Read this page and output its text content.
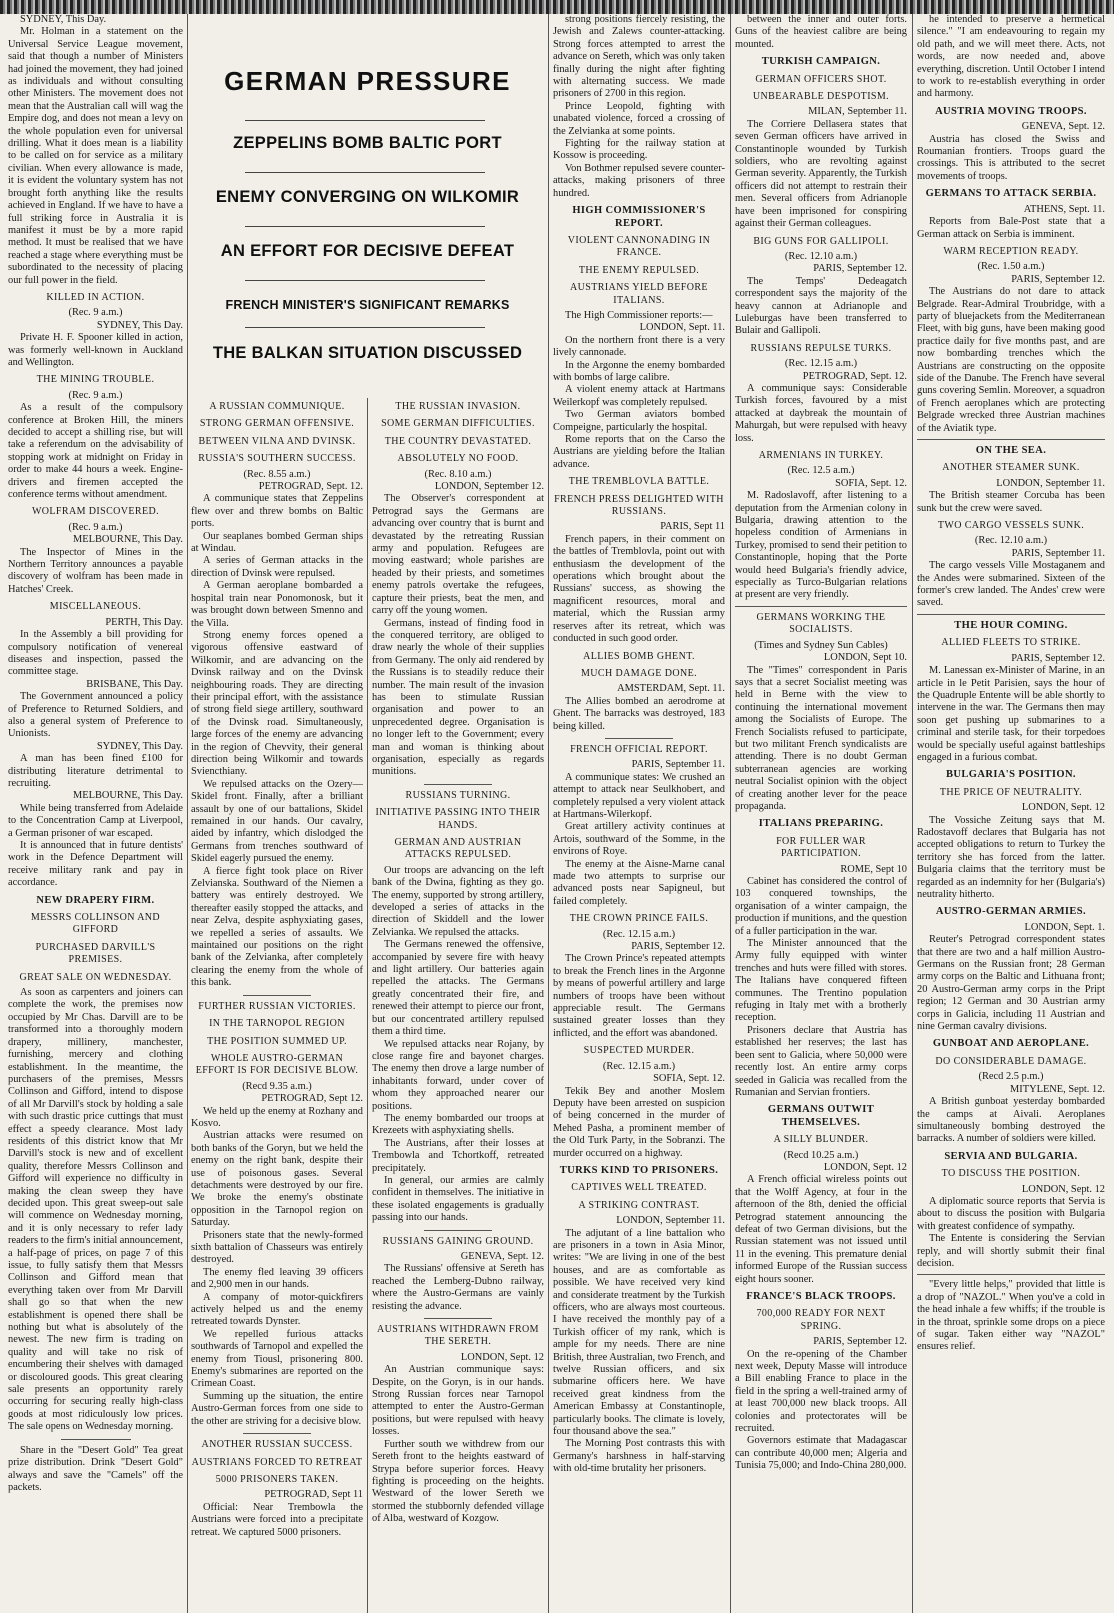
SYDNEY, This Day.

Mr. Holman in a statement on the Universal Service League movement, said that though a number of Ministers had joined the movement, they had joined as individuals and without consulting other Ministers. The movement does not mean that the Australian call will wag the Empire dog, and does not mean a levy on the whole population even for universal drilling. What it does mean is a liability to be called on for service as a military civilian. When every allowance is made, it is evident the voluntary system has not brought forth anything like the results achieved in England. If we have to have a full striking force in Australia it is manifest it must be by a more rapid method. It must be realised that we have reached a stage where everything must be subordinated to the necessity of placing our full power in the field.

KILLED IN ACTION.
(Rec. 9 a.m.)
SYDNEY, This Day.

Private H. F. Spooner killed in action, was formerly well-known in Auckland and Wellington.

THE MINING TROUBLE.
(Rec. 9 a.m.)

As a result of the compulsory conference at Broken Hill, the miners decided to accept a shilling rise, but will take a referendum on the advisability of stopping work at midnight on Friday in order to make 44 hours a week. Engine-drivers and firemen accepted the conference terms without amendment.

WOLFRAM DISCOVERED.
(Rec. 9 a.m.)
MELBOURNE, This Day.

The Inspector of Mines in the Northern Territory announces a payable discovery of wolfram has been made in Hatches' Creek.

MISCELLANEOUS.
PERTH, This Day.

In the Assembly a bill providing for compulsory notification of venereal diseases and inspection, passed the committee stage.

BRISBANE, This Day.

The Government announced a policy of Preference to Returned Soldiers, and also a general system of Preference to Unionists.

SYDNEY, This Day.

A man has been fined £100 for distributing literature detrimental to recruiting.

MELBOURNE, This Day.

While being transferred from Adelaide to the Concentration Camp at Liverpool, a German prisoner of war escaped.

It is announced that in future dentists' work in the Defence Department will receive military rank and pay in accordance.

NEW DRAPERY FIRM.
MESSRS COLLINSON AND GIFFORD
PURCHASED DARVILL'S PREMISES.
GREAT SALE ON WEDNESDAY.

As soon as carpenters and joiners can complete the work, the premises now occupied by Mr Chas. Darvill are to be transformed into a thoroughly modern drapery, millinery, manchester, furnishing, mercery and clothing establishment. In the meantime, the purchasers of the premises, Messrs Collinson and Gifford, intend to dispose of all Mr Darvill's stock by holding a sale with such drastic price cuttings that must effect a speedy clearance. Most lady residents of this district know that Mr Darvill's stock is new and of excellent quality, therefore Messrs Collinson and Gifford will experience no difficulty in making the clean sweep they have decided upon. This great sweep-out sale will commence on Wednesday morning, and it is only necessary to refer lady readers to the firm's initial announcement, a half-page of prices, on page 7 of this issue, to fully satisfy them that Messrs Collinson and Gifford mean that everything taken over from Mr Darvill shall go so that when the new establishment is opened there shall be nothing but what is absolutely of the newest. The new firm is trading on quality and will take no risk of encumbering their shelves with damaged or discoloured goods. This great clearing sale presents an opportunity rarely occurring for securing really high-class goods at most ridiculously low prices. The sale opens on Wednesday morning.

Share in the "Desert Gold" Tea great prize distribution. Drink "Desert Gold" always and save the "Camels" off the packets.

GERMAN PRESSURE
ZEPPELINS BOMB BALTIC PORT
ENEMY CONVERGING ON WILKOMIR
AN EFFORT FOR DECISIVE DEFEAT
FRENCH MINISTER'S SIGNIFICANT REMARKS
THE BALKAN SITUATION DISCUSSED
A RUSSIAN COMMUNIQUE.
STRONG GERMAN OFFENSIVE.
BETWEEN VILNA AND DVINSK.
RUSSIA'S SOUTHERN SUCCESS.
(Rec. 8.55 a.m.)
PETROGRAD, Sept. 12.

A communique states that Zeppelins flew over and threw bombs on Baltic ports.

Our seaplanes bombed German ships at Windau.

A series of German attacks in the direction of Dvinsk were repulsed.

A German aeroplane bombarded a hospital train near Ponomonosk, but it was brought down between Smenno and the Villa.

Strong enemy forces opened a vigorous offensive eastward of Wilkomir, and are advancing on the Dvinsk railway and on the Dvinsk neighbouring roads. They are directing their principal effort, with the assistance of strong field siege artillery, southward of the Dvinsk road. Simultaneously, large forces of the enemy are advancing in the region of Chevvity, their general direction being Wilkomir and towards Sviencthiany.

We repulsed attacks on the Ozery—Skidel front. Finally, after a brilliant assault by one of our battalions, Skidel remained in our hands. Our cavalry, aided by infantry, which dislodged the Germans from trenches southward of Skidel eagerly pursued the enemy.

A fierce fight took place on River Zelvianska. Southward of the Niemen a battery was entirely destroyed. We thereafter easily stopped the attacks, and near Zelva, despite asphyxiating gases, we repelled a series of assaults. We maintained our positions on the right bank of the Zelvianka, after completely clearing the enemy from the whole of this bank.

FURTHER RUSSIAN VICTORIES.
IN THE TARNOPOL REGION
THE POSITION SUMMED UP.
WHOLE AUSTRO-GERMAN EFFORT IS FOR DECISIVE BLOW.
(Recd 9.35 a.m.)
PETROGRAD, Sept 12.

We held up the enemy at Rozhany and Kosvo.

Austrian attacks were resumed on both banks of the Goryn, but we held the enemy on the right bank, despite their use of poisonous gases. Several detachments were destroyed by our fire. We broke the enemy's obstinate opposition in the Tarnopol region on Saturday.

Prisoners state that the newly-formed sixth battalion of Chasseurs was entirely destroyed.

The enemy fled leaving 39 officers and 2,900 men in our hands.

A company of motor-quickfirers actively helped us and the enemy retreated towards Dynster.

We repelled furious attacks southwards of Tarnopol and expelled the enemy from Tiousl, prisonering 800. Enemy's submarines are reported on the Crimean Coast.

Summing up the situation, the entire Austro-German forces from one side to the other are striving for a decisive blow.

ANOTHER RUSSIAN SUCCESS.
AUSTRIANS FORCED TO RETREAT
5000 PRISONERS TAKEN.
PETROGRAD, Sept 11

Official: Near Trembowla the Austrians were forced into a precipitate retreat. We captured 5000 prisoners.

THE RUSSIAN INVASION.
SOME GERMAN DIFFICULTIES.
THE COUNTRY DEVASTATED.
ABSOLUTELY NO FOOD.
(Rec. 8.10 a.m.)
LONDON, September 12.

The Observer's correspondent at Petrograd says the Germans are advancing over country that is burnt and devastated by the retreating Russian army and population. Refugees are moving eastward; whole parishes are headed by their priests, and sometimes enemy patrols overtake the refugees, capture their priests, beat the men, and carry off the young women.

Germans, instead of finding food in the conquered territory, are obliged to draw nearly the whole of their supplies from Germany. The only aid rendered by the Russians is to steadily reduce their number. The main result of the invasion has been to stimulate Russian organisation and power to an unprecedented degree. Organisation is no longer left to the Government; every man and woman is thinking about organisation, especially as regards munitions.

RUSSIANS TURNING.
INITIATIVE PASSING INTO THEIR HANDS.
GERMAN AND AUSTRIAN ATTACKS REPULSED.

Our troops are advancing on the left bank of the Dwina, fighting as they go. The enemy, supported by strong artillery, developed a series of attacks in the direction of Skiddell and the lower Zelvianka. We repulsed the attacks.

The Germans renewed the offensive, accompanied by severe fire with heavy and light artillery. Our batteries again repelled the attacks. The Germans greatly concentrated their fire, and renewed their attempt to pierce our front, but our concentrated artillery repulsed them a third time.

We repulsed attacks near Rojany, by close range fire and bayonet charges. The enemy then drove a large number of inhabitants forward, under cover of whom they approached nearer our positions.

The enemy bombarded our troops at Krezeets with asphyxiating shells.

The Austrians, after their losses at Trembowla and Tchortkoff, retreated precipitately.

In general, our armies are calmly confident in themselves. The initiative in these isolated engagements is gradually passing into our hands.

RUSSIANS GAINING GROUND.
GENEVA, Sept. 12.

The Russians' offensive at Sereth has reached the Lemberg-Dubno railway, where the Austro-Germans are vainly resisting the advance.

AUSTRIANS WITHDRAWN FROM THE SERETH.
LONDON, Sept. 12

An Austrian communique says: Despite, on the Goryn, is in our hands. Strong Russian forces near Tarnopol attempted to enter the Austro-German positions, but were repulsed with heavy losses.

Further south we withdrew from our Sereth front to the heights eastward of Strypa before superior forces. Heavy fighting is proceeding on the heights. Westward of the lower Sereth we stormed the stubbornly defended village of Alba, westward of Kozgow.

strong positions fiercely resisting, the Jewish and Zalews counter-attacking. Strong forces attempted to arrest the advance on Sereth, which was only taken finally during the night after fighting with alternating success. We made prisoners of 2700 in this region.

Prince Leopold, fighting with unabated violence, forced a crossing of the Zelvianka at some points.

Fighting for the railway station at Kossow is proceeding.

Von Bothmer repulsed severe counter-attacks, making prisoners of three hundred.

HIGH COMMISSIONER'S REPORT.
VIOLENT CANNONADING IN FRANCE.
THE ENEMY REPULSED.
AUSTRIANS YIELD BEFORE ITALIANS.

The High Commissioner reports:—

LONDON, Sept. 11.

On the northern front there is a very lively cannonade.

In the Argonne the enemy bombarded with bombs of large calibre.

A violent enemy attack at Hartmans Weilerkopf was completely repulsed.

Two German aviators bombed Compeigne, particularly the hospital.

Rome reports that on the Carso the Austrians are yielding before the Italian advance.

THE TREMBLOVLA BATTLE.
FRENCH PRESS DELIGHTED WITH RUSSIANS.
PARIS, Sept 11

French papers, in their comment on the battles of Tremblovla, point out with enthusiasm the development of the operations which brought about the Russians' success, as showing the magnificent resources, moral and material, which the Russian army reserves after its retreat, which was conducted in such good order.

ALLIES BOMB GHENT.
MUCH DAMAGE DONE.
AMSTERDAM, Sept. 11.

The Allies bombed an aerodrome at Ghent. The barracks was destroyed, 183 being killed.

FRENCH OFFICIAL REPORT.
PARIS, September 11.

A communique states: We crushed an attempt to attack near Seulkhobert, and completely repulsed a very violent attack at Hartmans-Wilerkopf.

Great artillery activity continues at Artois, southward of the Somme, in the environs of Roye.

The enemy at the Aisne-Marne canal made two attempts to surprise our advanced posts near Sapigneul, but failed completely.

THE CROWN PRINCE FAILS.
(Rec. 12.15 a.m.)
PARIS, September 12.

The Crown Prince's repeated attempts to break the French lines in the Argonne by means of powerful artillery and large numbers of troops have been without appreciable result. The Germans sustained greater losses than they inflicted, and the effort was abandoned.

SUSPECTED MURDER.
(Rec. 12.15 a.m.)
SOFIA, Sept. 12.

Tekik Bey and another Moslem Deputy have been arrested on suspicion of being concerned in the murder of Mehed Pasha, a prominent member of the Old Turk Party, in the Sobranzi. The murder occurred on a highway.

TURKS KIND TO PRISONERS.
CAPTIVES WELL TREATED.
A STRIKING CONTRAST.
LONDON, September 11.

The adjutant of a line battalion who are prisoners in a town in Asia Minor, writes: "We are living in one of the best houses, and are as comfortable as possible. We have received very kind and considerate treatment by the Turkish officers, who are always most courteous. I have received the monthly pay of a Turkish officer of my rank, which is ample for my needs. There are nine British, three Australian, two French, and twelve Russian officers, and six submarine officers here. We have received great kindness from the American Embassy at Constantinople, particularly books. The climate is lovely, four thousand above the sea."

The Morning Post contrasts this with Germany's harshness in half-starving with old-time brutality her prisoners.

between the inner and outer forts. Guns of the heaviest calibre are being mounted.

TURKISH CAMPAIGN.
GERMAN OFFICERS SHOT.
UNBEARABLE DESPOTISM.
MILAN, September 11.

The Corriere Dellasera states that seven German officers have arrived in Constantinople wounded by Turkish soldiers, who are revolting against German severity. Apparently, the Turkish officers did not attempt to restrain their men. Several officers from Adrianople have been imprisoned for conspiring against their German colleagues.

BIG GUNS FOR GALLIPOLI.
(Rec. 12.10 a.m.)
PARIS, September 12.

The Temps' Dedeagatch correspondent says the majority of the heavy cannon at Adrianople and Luleburgas have been transferred to Bulair and Gallipoli.

RUSSIANS REPULSE TURKS.
(Rec. 12.15 a.m.)
PETROGRAD, Sept. 12.

A communique says: Considerable Turkish forces, favoured by a mist attacked at daybreak the mountain of Mahurgah, but were repulsed with heavy loss.

ARMENIANS IN TURKEY.
(Rec. 12.5 a.m.)
SOFIA, Sept. 12.

M. Radoslavoff, after listening to a deputation from the Armenian colony in Bulgaria, drawing attention to the hopeless condition of Armenians in Turkey, promised to send their petition to Constantinople, hoping that the Porte would heed Bulgaria's friendly advice, especially as Turco-Bulgarian relations at present are very friendly.

GERMANS WORKING THE SOCIALISTS.
(Times and Sydney Sun Cables)
LONDON, Sept 10.

The "Times" correspondent in Paris says that a secret Socialist meeting was held in Berne with the view to continuing the international movement among the Socialists of Europe. The French Socialists refused to participate, but two militant French syndicalists are attending. There is no doubt German subterranean agencies are working neutral Socialist opinion with the object of creating another lever for the peace propaganda.

ITALIANS PREPARING.
FOR FULLER WAR PARTICIPATION.
ROME, Sept 10

Cabinet has considered the control of 103 conquered townships, the organisation of a winter campaign, the production if munitions, and the question of a fuller participation in the war.

The Minister announced that the Army fully equipped with winter trenches and huts were filled with stores. The Italians have conquered fifteen communes. The Trentino population refuging in Italy met with a brotherly reception.

Prisoners declare that Austria has established her reserves; the last has been sent to Galicia, where 50,000 were recently lost. An entire army corps seeded in Galicia was recalled from the Rumanian and Servian frontiers.

GERMANS OUTWIT THEMSELVES.
A SILLY BLUNDER.
(Recd 10.25 a.m.)
LONDON, Sept. 12

A French official wireless points out that the Wolff Agency, at four in the afternoon of the 8th, denied the official Petrograd statement announcing the defeat of two German divisions, but the Russian statement was not issued until 11 in the evening. This premature denial informed Europe of the Russian success eight hours sooner.

FRANCE'S BLACK TROOPS.
700,000 READY FOR NEXT SPRING.
PARIS, September 12.

On the re-opening of the Chamber next week, Deputy Masse will introduce a Bill enabling France to place in the field in the spring a well-trained army of at least 700,000 new black troops. All colonies and protectorates will be recruited.

Governors estimate that Madagascar can contribute 40,000 men; Algeria and Tunisia 75,000; and Indo-China 280,000.

he intended to preserve a hermetical silence." "I am endeavouring to regain my old path, and we will meet there. Acts, not words, are now needed and, above everything, discretion. Until October I intend to work to re-establish everything in order and harmony.

AUSTRIA MOVING TROOPS.
GENEVA, Sept. 12.

Austria has closed the Swiss and Roumanian frontiers. Troops guard the crossings. This is attributed to the secret movements of troops.

GERMANS TO ATTACK SERBIA.
ATHENS, Sept. 11.

Reports from Bale-Post state that a German attack on Serbia is imminent.

WARM RECEPTION READY.
(Rec. 1.50 a.m.)
PARIS, September 12.

The Austrians do not dare to attack Belgrade. Rear-Admiral Troubridge, with a party of bluejackets from the Mediterranean Fleet, with big guns, have been making good practice daily for five months past, and are now bombarding trenches which the Austrians are constructing on the opposite side of the Danube. The French have several guns covering Semlin. Moreover, a squadron of French aeroplanes which are protecting Belgrade wrecked three Austrian machines of the Aviatik type.

ON THE SEA.
ANOTHER STEAMER SUNK.
LONDON, September 11.

The British steamer Corcuba has been sunk but the crew were saved.

TWO CARGO VESSELS SUNK.
(Rec. 12.10 a.m.)
PARIS, September 11.

The cargo vessels Ville Mostaganem and the Andes were submarined. Sixteen of the former's crew landed. The Andes' crew were saved.

THE HOUR COMING.
ALLIED FLEETS TO STRIKE.
PARIS, September 12.

M. Lanessan ex-Minister of Marine, in an article in le Petit Parisien, says the hour of the Quadruple Entente will be able shortly to intervene in the war. The Germans then may soon get pushing up submarines to a criminal and sterile task, for their torpedoes would be specially useful against battleships engaged in a furious combat.

BULGARIA'S POSITION.
THE PRICE OF NEUTRALITY.
LONDON, Sept. 12

The Vossiche Zeitung says that M. Radostavoff declares that Bulgaria has not accepted obligations to return to Turkey the territory she has forced from the latter. Bulgaria claims that the territory must be regarded as an indemnity for her (Bulgaria's) neutrality hitherto.

AUSTRO-GERMAN ARMIES.
LONDON, Sept. 1.

Reuter's Petrograd correspondent states that there are two and a half million Austro-Germans on the Russian front; 28 German army corps on the Baltic and Lithuana front; 20 Austro-German army corps in the Pript region; 12 German and 30 Austrian army corps in Galicia, including 11 Austrian and nine German cavalry divisions.

GUNBOAT AND AEROPLANE.
DO CONSIDERABLE DAMAGE.
(Recd 2.5 p.m.)
MITYLENE, Sept. 12.

A British gunboat yesterday bombarded the camps at Aivali. Aeroplanes simultaneously bombing destroyed the barracks. A number of soldiers were killed.

SERVIA AND BULGARIA.
TO DISCUSS THE POSITION.
LONDON, Sept. 12

A diplomatic source reports that Servia is about to discuss the position with Bulgaria with greatest confidence of sympathy.

The Entente is considering the Servian reply, and will shortly submit their final decision.

"Every little helps," provided that little is a drop of "NAZOL." When you've a cold in the head inhale a few whiffs; if the trouble is in the throat, sprinkle some drops on a piece of sugar. Taken either way "NAZOL" ensures relief.
